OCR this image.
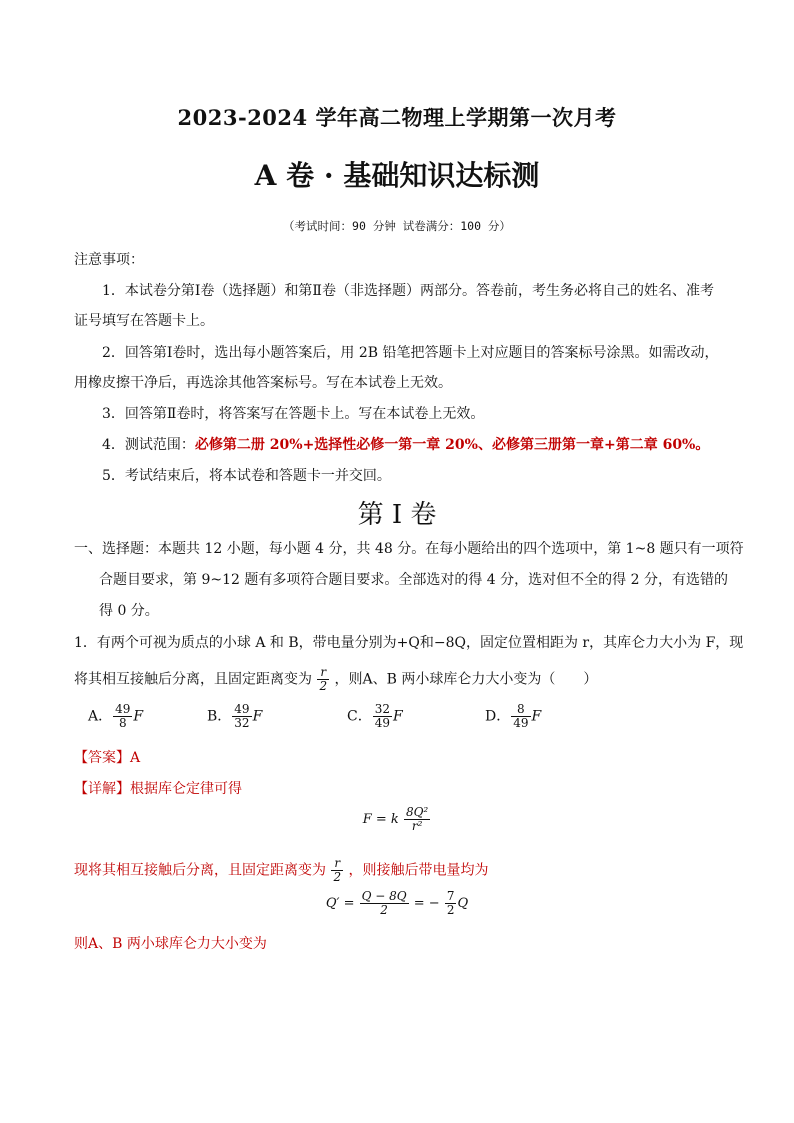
2023-2024 学年高二物理上学期第一次月考
A 卷 · 基础知识达标测
（考试时间：90 分钟 试卷满分：100 分）
注意事项：
1．本试卷分第Ⅰ卷（选择题）和第Ⅱ卷（非选择题）两部分。答卷前，考生务必将自己的姓名、准考
证号填写在答题卡上。
2．回答第Ⅰ卷时，选出每小题答案后，用 2B 铅笔把答题卡上对应题目的答案标号涂黑。如需改动，
用橡皮擦干净后，再选涂其他答案标号。写在本试卷上无效。
3．回答第Ⅱ卷时，将答案写在答题卡上。写在本试卷上无效。
4．测试范围：必修第二册 20%+选择性必修一第一章 20%、必修第三册第一章+第二章 60%。
5．考试结束后，将本试卷和答题卡一并交回。
第 I 卷
一、选择题：本题共 12 小题，每小题 4 分，共 48 分。在每小题给出的四个选项中，第 1~8 题只有一项符
合题目要求，第 9~12 题有多项符合题目要求。全部选对的得 4 分，选对但不全的得 2 分，有选错的
得 0 分。
1．有两个可视为质点的小球 A 和 B，带电量分别为+Q和−8Q，固定位置相距为 r，其库仑力大小为 F，现
将其相互接触后分离，且固定距离变为 $\frac{r}{2}$ ，则A、B 两小球库仑力大小变为（　　）
A． $\frac{49}{8}$ F	B． $\frac{49}{32}$ F	C． $\frac{32}{49}$ F	D． $\frac{8}{49}$ F
【答案】A
【详解】根据库仑定律可得
F = k $\frac{\text{8Q²}}{\text{r²}}$
现将其相互接触后分离，且固定距离变为 $\frac{r}{2}$ ，则接触后带电量均为
$Q' = \frac{Q - 8Q}{2}$ = − $\frac{7}{2}$ Q
则A、B 两小球库仑力大小变为
